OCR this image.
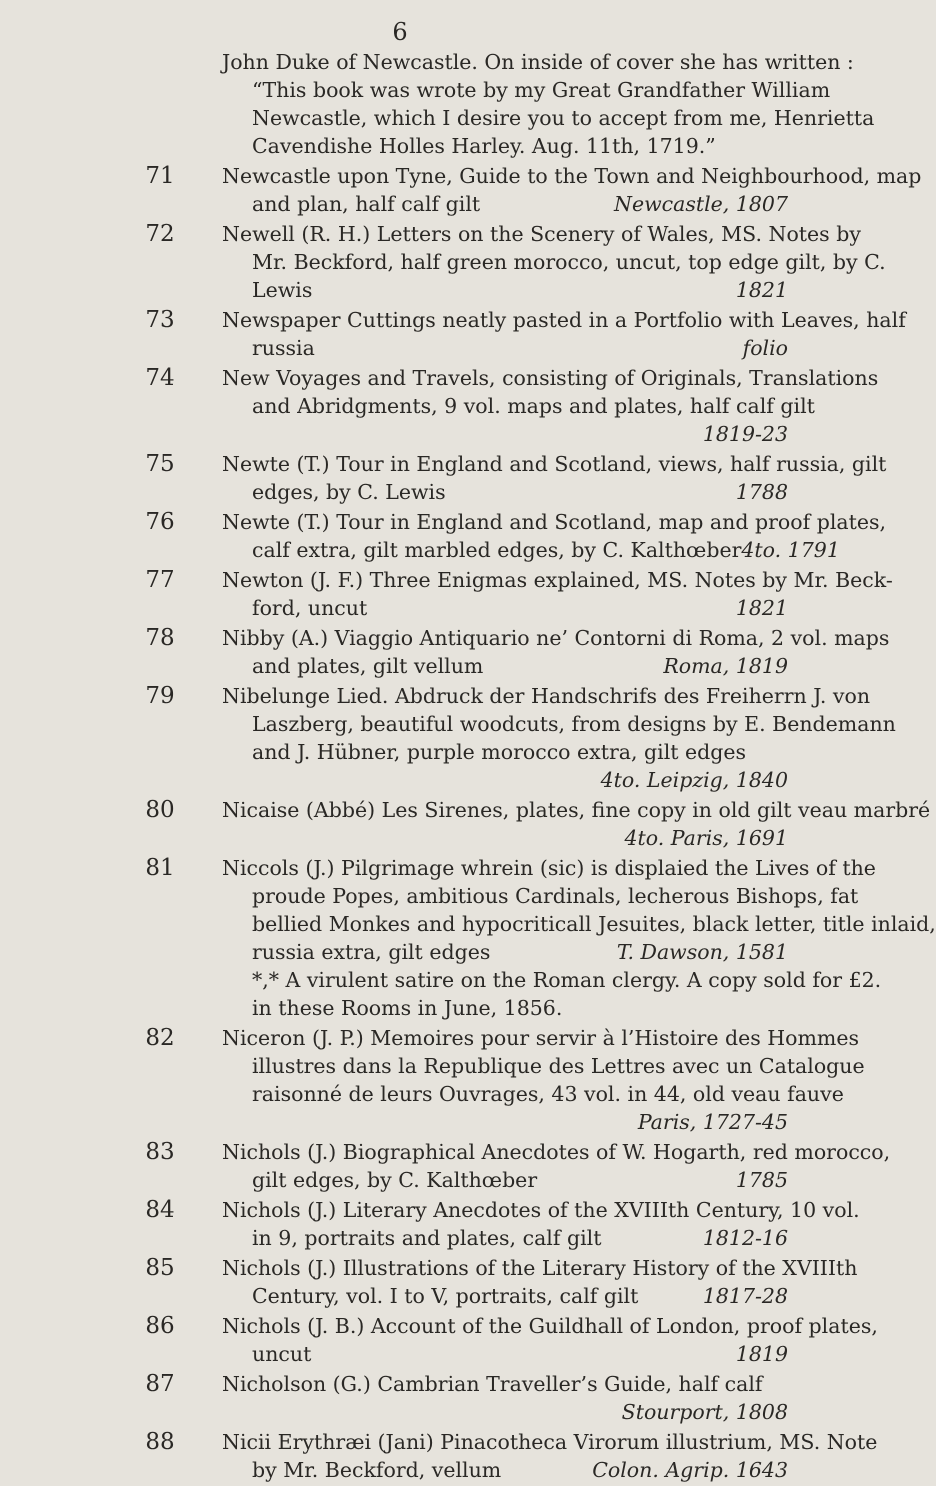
6
John Duke of Newcastle. On inside of cover she has written :
“This book was wrote by my Great Grandfather William
Newcastle, which I desire you to accept from me, Henrietta
Cavendishe Holles Harley. Aug. 11th, 1719.”
71	Newcastle upon Tyne, Guide to the Town and Neighbourhood, map
and plan, half calf gilt	Newcastle, 1807
72	Newell (R. H.) Letters on the Scenery of Wales, MS. Notes by
Mr. Beckford, half green morocco, uncut, top edge gilt, by C.
Lewis	1821
73	Newspaper Cuttings neatly pasted in a Portfolio with Leaves, half
russia	folio
74	New Voyages and Travels, consisting of Originals, Translations
and Abridgments, 9 vol. maps and plates, half calf gilt
1819-23
75	Newte (T.) Tour in England and Scotland, views, half russia, gilt
edges, by C. Lewis	1788
76	Newte (T.) Tour in England and Scotland, map and proof plates,
calf extra, gilt marbled edges, by C. Kalthœber 4to. 1791
77	Newton (J. F.) Three Enigmas explained, MS. Notes by Mr. Beck-
ford, uncut	1821
78	Nibby (A.) Viaggio Antiquario ne’ Contorni di Roma, 2 vol. maps
and plates, gilt vellum	Roma, 1819
79	Nibelunge Lied. Abdruck der Handschrifs des Freiherrn J. von
Laszberg, beautiful woodcuts, from designs by E. Bendemann
and J. Hübner, purple morocco extra, gilt edges
4to. Leipzig, 1840
80	Nicaise (Abbé) Les Sirenes, plates, fine copy in old gilt veau marbré
4to. Paris, 1691
81	Niccols (J.) Pilgrimage whrein (sic) is displaied the Lives of the
proude Popes, ambitious Cardinals, lecherous Bishops, fat
bellied Monkes and hypocriticall Jesuites, black letter, title inlaid,
russia extra, gilt edges	T. Dawson, 1581
*,* A virulent satire on the Roman clergy. A copy sold for £2.
in these Rooms in June, 1856.
82	Niceron (J. P.) Memoires pour servir à l’Histoire des Hommes
illustres dans la Republique des Lettres avec un Catalogue
raisonné de leurs Ouvrages, 43 vol. in 44, old veau fauve
Paris, 1727-45
83	Nichols (J.) Biographical Anecdotes of W. Hogarth, red morocco,
gilt edges, by C. Kalthœber	1785
84	Nichols (J.) Literary Anecdotes of the XVIIIth Century, 10 vol.
in 9, portraits and plates, calf gilt	1812-16
85	Nichols (J.) Illustrations of the Literary History of the XVIIIth
Century, vol. I to V, portraits, calf gilt	1817-28
86	Nichols (J. B.) Account of the Guildhall of London, proof plates,
uncut	1819
87	Nicholson (G.) Cambrian Traveller’s Guide, half calf
Stourport, 1808
88	Nicii Erythræi (Jani) Pinacotheca Virorum illustrium, MS. Note
by Mr. Beckford, vellum	Colon. Agrip. 1643
